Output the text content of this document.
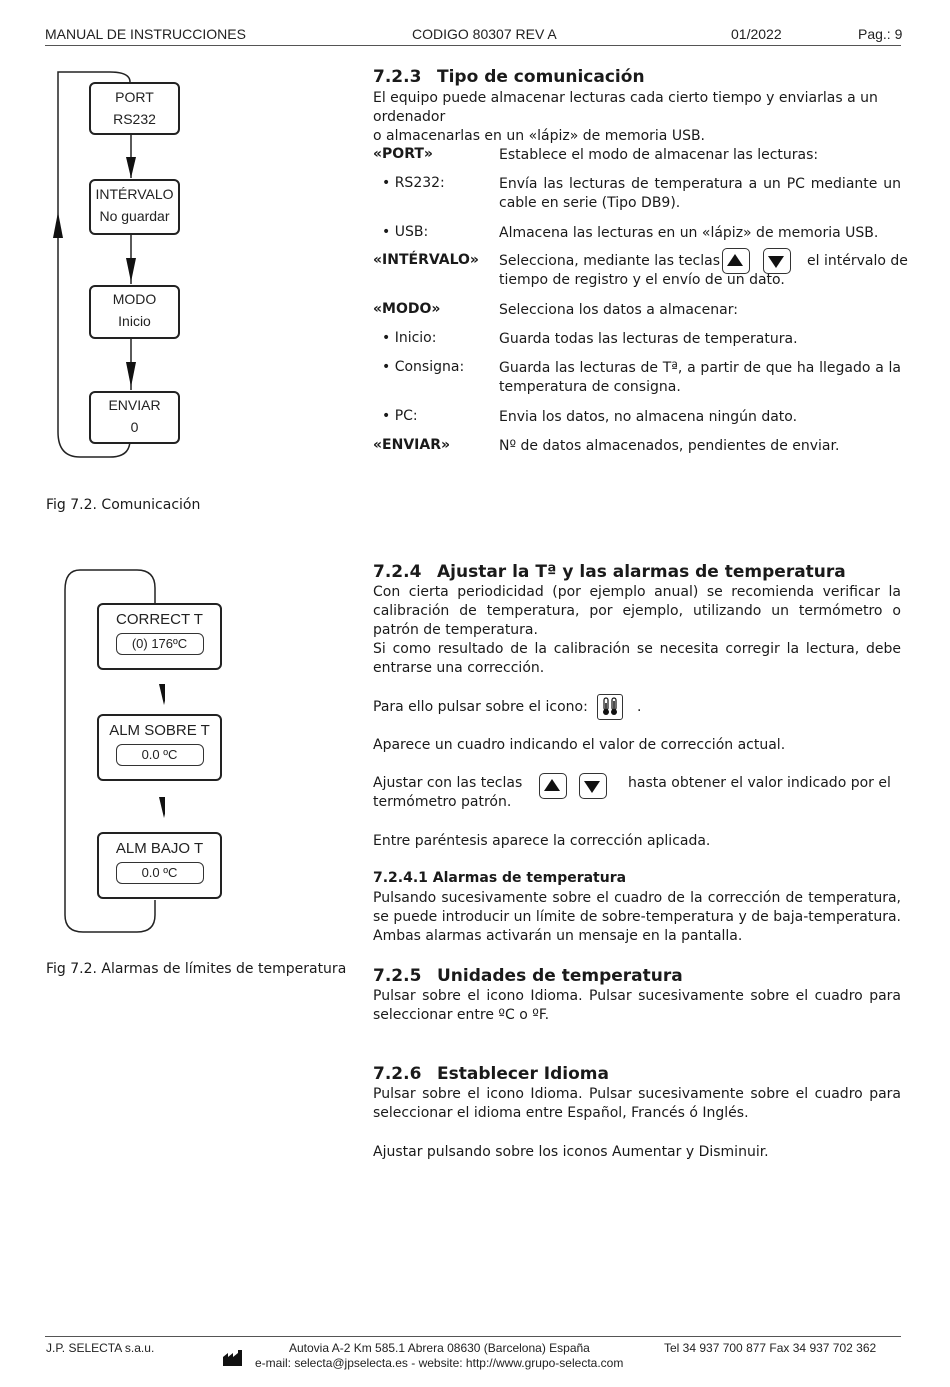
MANUAL DE INSTRUCCIONES	CODIGO 80307 REV A	01/2022	Pag.: 9
PORT
RS232
INTÉRVALO
No guardar
MODO
Inicio
ENVIAR
0
Fig 7.2. Comunicación
7.2.3 Tipo de comunicación
El equipo puede almacenar lecturas cada cierto tiempo y enviarlas a un ordenador
o almacenarlas en un «lápiz» de memoria USB.
«PORT»	Establece el modo de almacenar las lecturas:
• RS232:	Envía las lecturas de temperatura a un PC mediante un cable en serie (Tipo DB9).
• USB:	Almacena las lecturas en un «lápiz» de memoria USB.
«INTÉRVALO» Selecciona, mediante las teclas	el intérvalo de
tiempo de registro y el envío de un dato.
«MODO»	Selecciona los datos a almacenar:
• Inicio:	Guarda todas las lecturas de temperatura.
• Consigna: Guarda las lecturas de Tª, a partir de que ha llegado a la temperatura de consigna.
• PC:	Envia los datos, no almacena ningún dato.
«ENVIAR»	Nº de datos almacenados, pendientes de enviar.
CORRECT T
(0) 176ºC
ALM SOBRE T
0.0 ºC
ALM BAJO T
0.0 ºC
Fig 7.2. Alarmas de límites de temperatura
7.2.4 Ajustar la Tª y las alarmas de temperatura
Con cierta periodicidad (por ejemplo anual) se recomienda verificar la calibración de temperatura, por ejemplo, utilizando un termómetro o patrón de temperatura.
Si como resultado de la calibración se necesita corregir la lectura, debe entrarse una corrección.
Para ello pulsar sobre el icono:	.
Aparece un cuadro indicando el valor de corrección actual.
Ajustar con las teclas	hasta obtener el valor indicado por el
termómetro patrón.
Entre paréntesis aparece la corrección aplicada.
7.2.4.1 Alarmas de temperatura
Pulsando sucesivamente sobre el cuadro de la corrección de temperatura, se puede introducir un límite de sobre-temperatura y de baja-temperatura. Ambas alarmas activarán un mensaje en la pantalla.
7.2.5 Unidades de temperatura
Pulsar sobre el icono Idioma. Pulsar sucesivamente sobre el cuadro para seleccionar entre ºC o ºF.
7.2.6 Establecer Idioma
Pulsar sobre el icono Idioma. Pulsar sucesivamente sobre el cuadro para seleccionar el idioma entre Español, Francés ó Inglés.
Ajustar pulsando sobre los iconos Aumentar y Disminuir.
J.P. SELECTA s.a.u.	Autovia A-2 Km 585.1 Abrera 08630 (Barcelona) España	Tel 34 937 700 877 Fax 34 937 702 362
e-mail: selecta@jpselecta.es - website: http://www.grupo-selecta.com
